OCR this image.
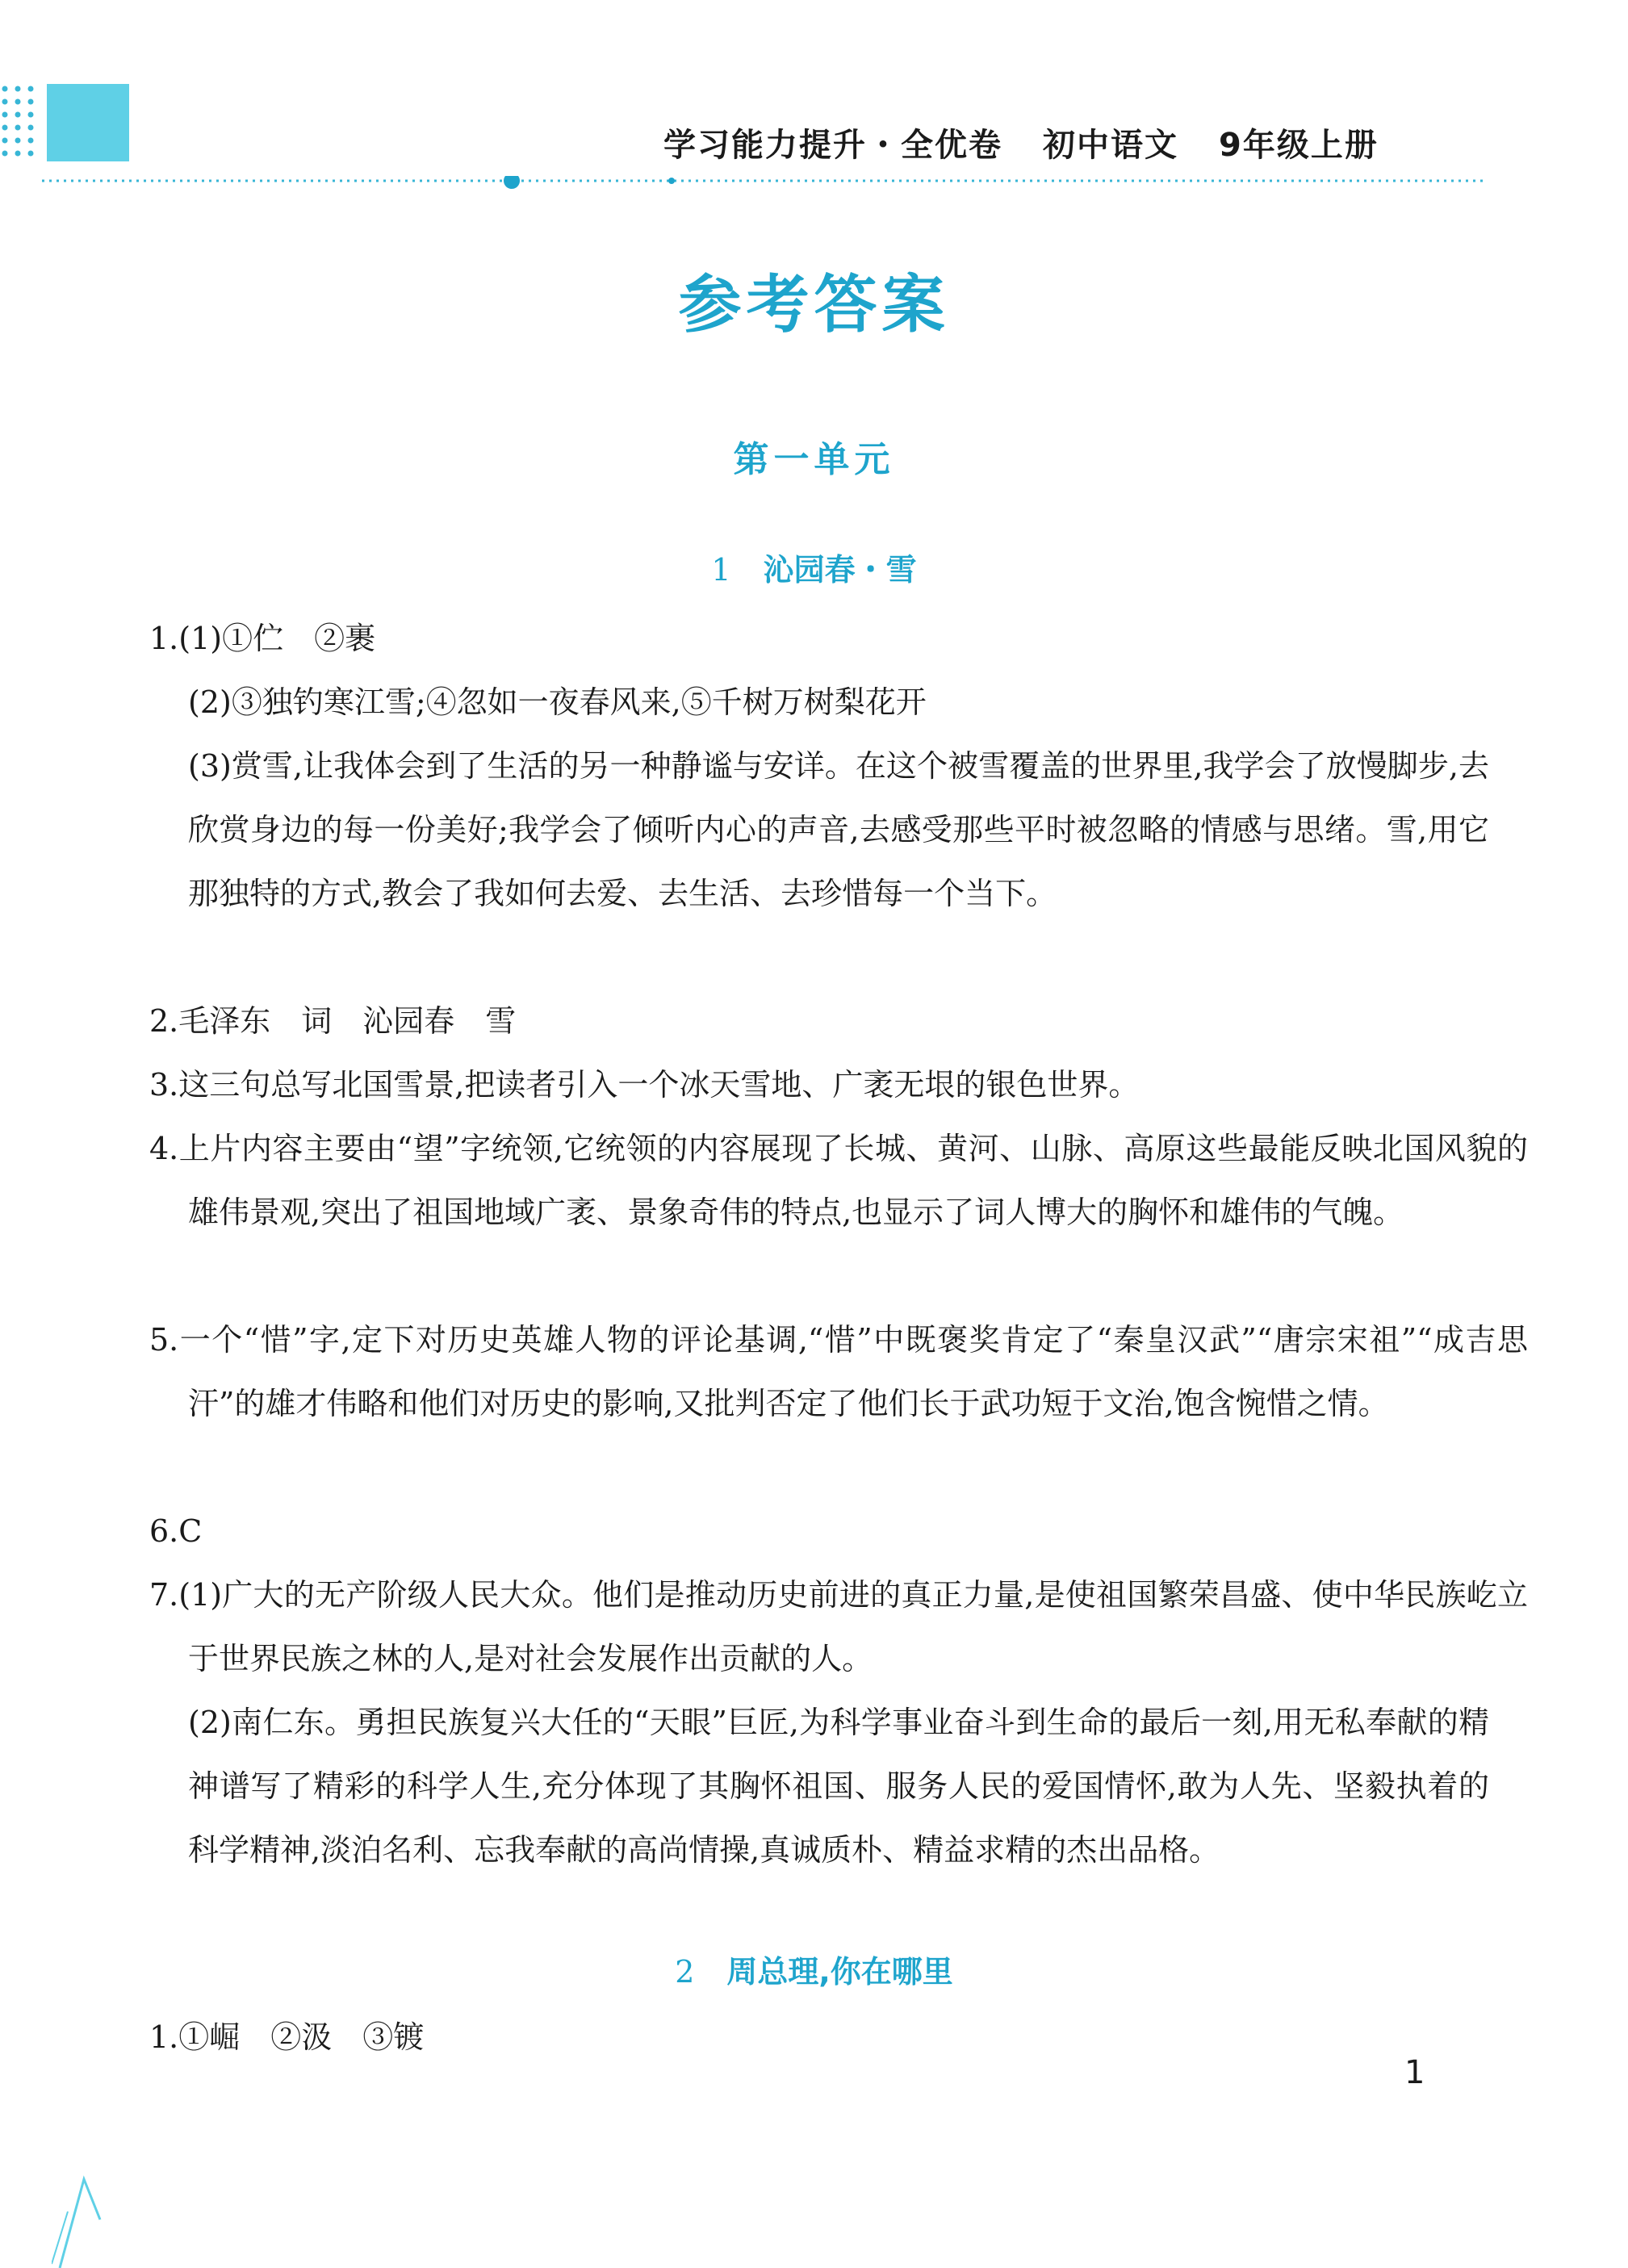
学习能力提升・全优卷 初中语文 9年级上册
参考答案
第一单元
1 沁园春・雪

1.(1)①伫　②裹

(2)③独钓寒江雪;④忽如一夜春风来,⑤千树万树梨花开

(3)赏雪,让我体会到了生活的另一种静谧与安详。在这个被雪覆盖的世界里,我学会了放慢脚步,去欣赏身边的每一份美好;我学会了倾听内心的声音,去感受那些平时被忽略的情感与思绪。雪,用它那独特的方式,教会了我如何去爱、去生活、去珍惜每一个当下。

2.毛泽东　词　沁园春　雪

3.这三句总写北国雪景,把读者引入一个冰天雪地、广袤无垠的银色世界。

4.上片内容主要由“望”字统领,它统领的内容展现了长城、黄河、山脉、高原这些最能反映北国风貌的雄伟景观,突出了祖国地域广袤、景象奇伟的特点,也显示了词人博大的胸怀和雄伟的气魄。

5.一个“惜”字,定下对历史英雄人物的评论基调,“惜”中既褒奖肯定了“秦皇汉武”“唐宗宋祖”“成吉思汗”的雄才伟略和他们对历史的影响,又批判否定了他们长于武功短于文治,饱含惋惜之情。

6.C

7.(1)广大的无产阶级人民大众。他们是推动历史前进的真正力量,是使祖国繁荣昌盛、使中华民族屹立于世界民族之林的人,是对社会发展作出贡献的人。

(2)南仁东。勇担民族复兴大任的“天眼”巨匠,为科学事业奋斗到生命的最后一刻,用无私奉献的精神谱写了精彩的科学人生,充分体现了其胸怀祖国、服务人民的爱国情怀,敢为人先、坚毅执着的科学精神,淡泊名利、忘我奉献的高尚情操,真诚质朴、精益求精的杰出品格。

2 周总理,你在哪里

1.①崛　②汲　③镀

1
